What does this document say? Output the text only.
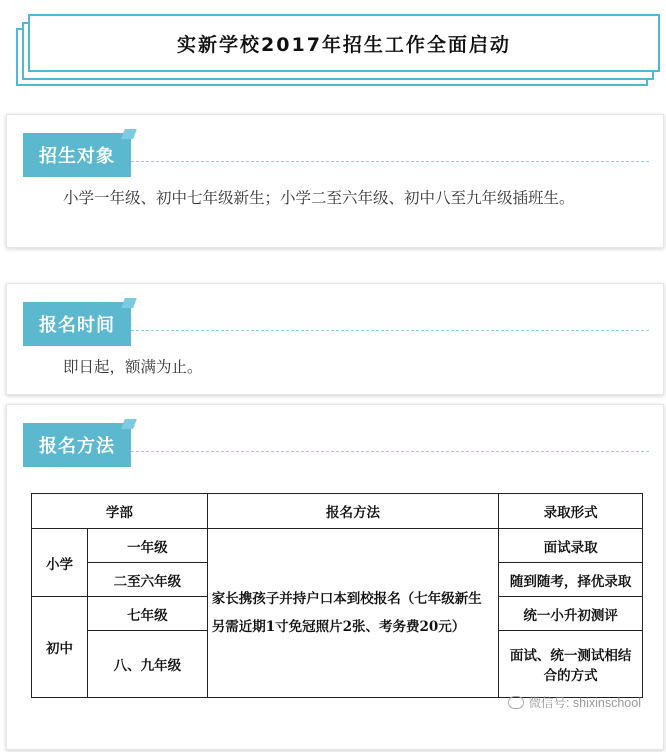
实新学校2017年招生工作全面启动
招生对象
小学一年级、初中七年级新生；小学二至六年级、初中八至九年级插班生。
报名时间
即日起，额满为止。
报名方法
学部		报名方法	录取形式
小学	一年级	家长携孩子并持户口本到校报名（七年级新生另需近期1寸免冠照片2张、考务费20元）	面试录取
	二至六年级		随到随考，择优录取
初中	七年级		统一小升初测评
	八、九年级		面试、统一测试相结合的方式

微信号: shixinschool
